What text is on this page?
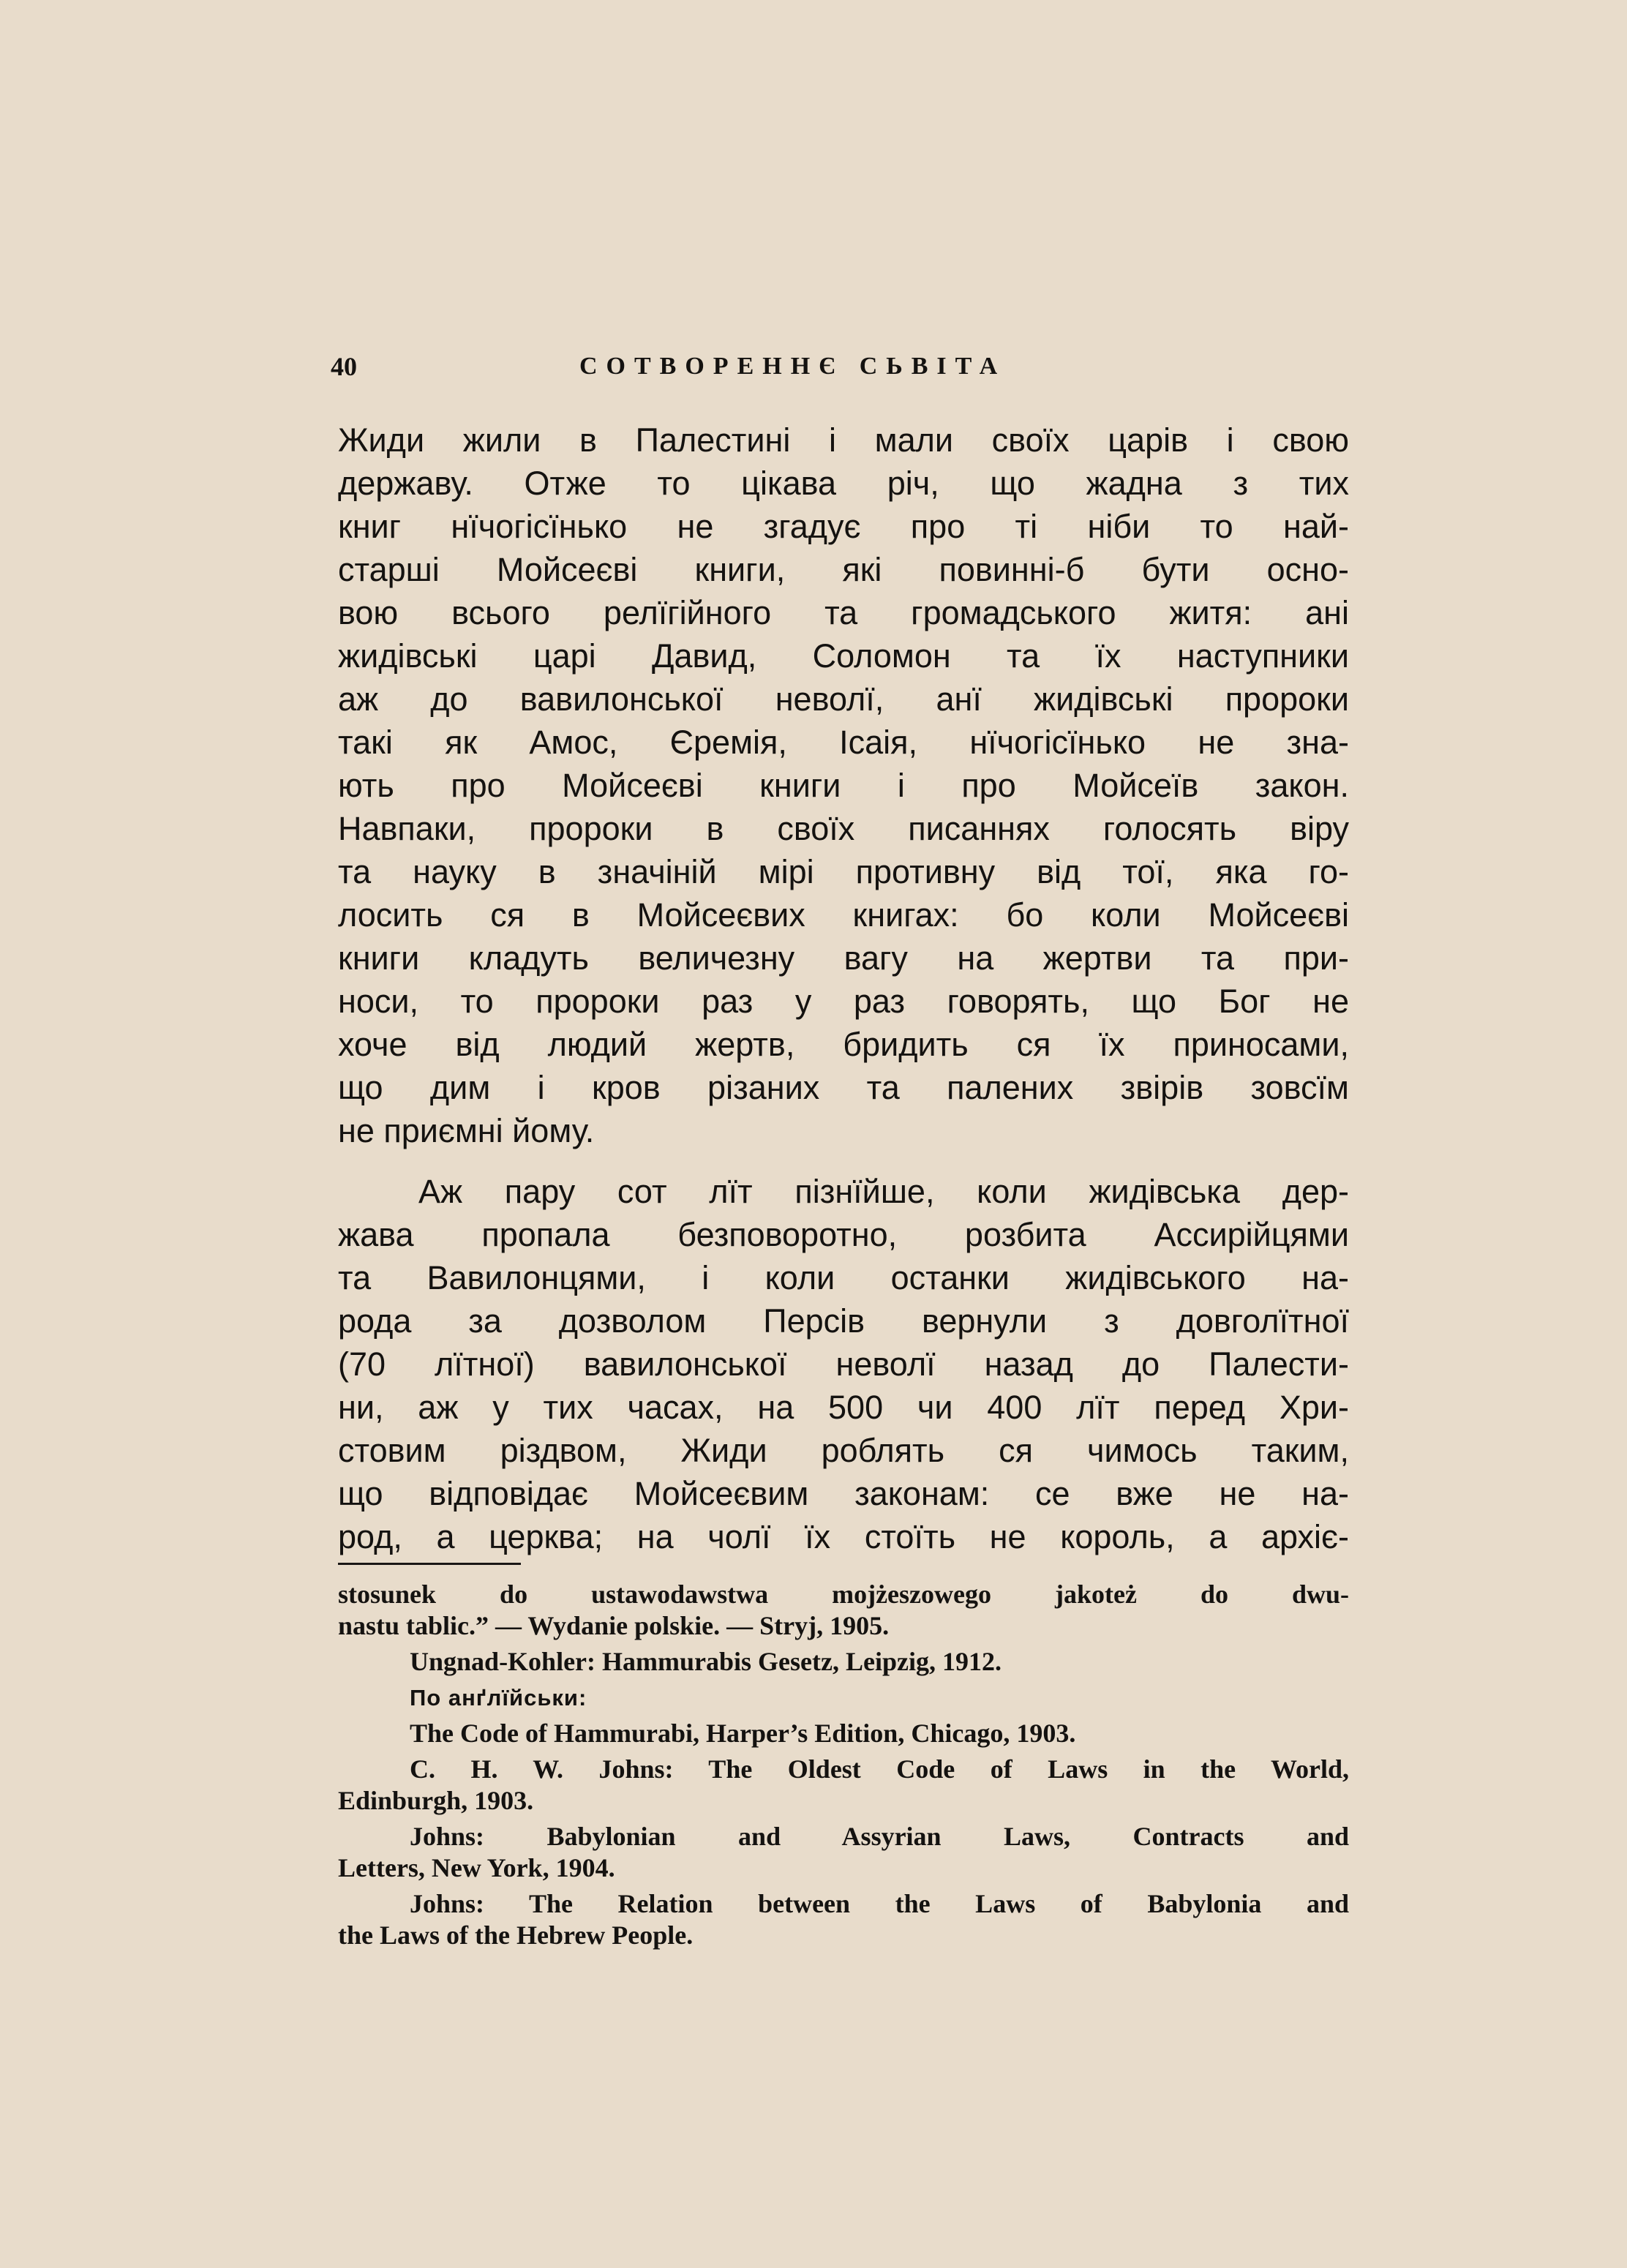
40	СОТВОРЕННЄ СЬВІТА
Жиди жили в Палестині і мали своїх царів і свою
державу. Отже то цікава річ, що жадна з тих
книг нїчогісїнько не згадує про ті ніби то най-
старші Мойсеєві книги, які повинні-б бути осно-
вою всього релїгійного та громадського житя: ані
жидівські царі Давид, Соломон та їх наступники
аж до вавилонської неволї, анї жидівські пророки
такі як Амос, Єремія, Ісаія, нїчогісїнько не зна-
ють про Мойсеєві книги і про Мойсеїв закон.
Навпаки, пророки в своїх писаннях голосять віру
та науку в значіній мірі противну від тої, яка го-
лосить ся в Мойсеєвих книгах: бо коли Мойсеєві
книги кладуть величезну вагу на жертви та при-
носи, то пророки раз у раз говорять, що Бог не
хоче від людий жертв, бридить ся їх приносами,
що дим і кров різаних та палених звірів зовсїм
не приємні йому.
Аж пару сот лїт пізнїйше, коли жидівська дер-
жава пропала безповоротно, розбита Ассирійцями
та Вавилонцями, і коли останки жидівського на-
рода за дозволом Персів вернули з довголїтної
(70 лїтної) вавилонської неволї назад до Палести-
ни, аж у тих часах, на 500 чи 400 лїт перед Хри-
стовим різдвом, Жиди роблять ся чимось таким,
що відповідає Мойсеєвим законам: се вже не на-
род, а церква; на чолї їх стоїть не король, а архіє-
stosunek do ustawodawstwa mojżeszowego jakoteż do dwu-
nastu tablic.” — Wydanie polskie. — Stryj, 1905.
Ungnad-Kohler: Hammurabis Gesetz, Leipzig, 1912.
По анґлїйськи:
The Code of Hammurabi, Harper’s Edition, Chicago, 1903.
C. H. W. Johns: The Oldest Code of Laws in the World,
Edinburgh, 1903.
Johns: Babylonian and Assyrian Laws, Contracts and
Letters, New York, 1904.
Johns: The Relation between the Laws of Babylonia and
the Laws of the Hebrew People.
